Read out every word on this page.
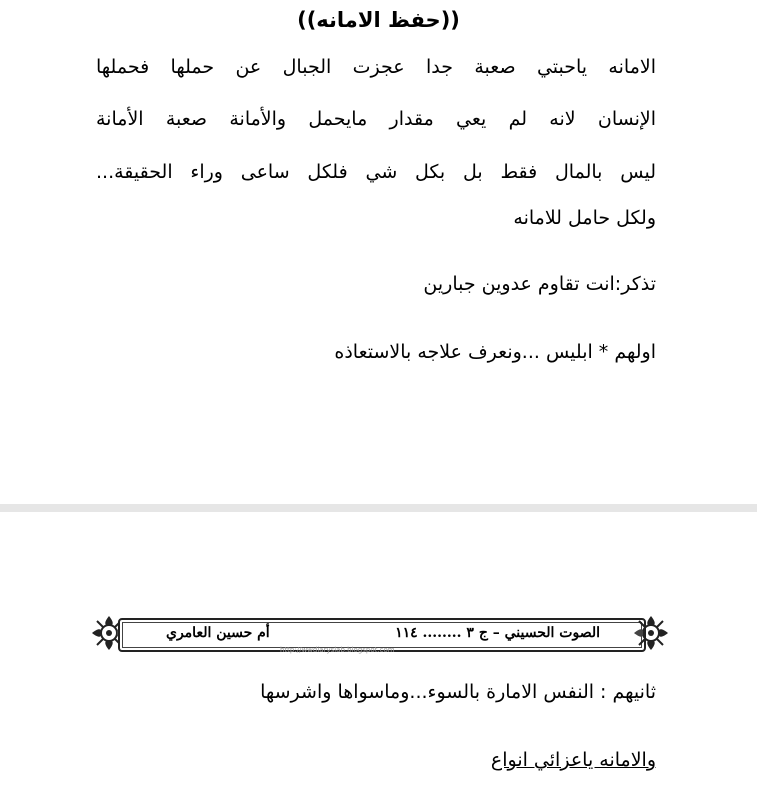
((حفظ الامانه))
الامانه ياحبتي صعبة جدا عجزت الجبال عن حملها فحملها
الإنسان لانه لم يعي مقدار مايحمل والأمانة صعبة الأمانة
ليس بالمال فقط بل بكل شي فلكل ساعى وراء الحقيقة...
ولكل حامل للامانه
تذكر:انت تقاوم عدوين جبارين
اولهم * ابليس ...ونعرف علاجه بالاستعاذه
الصوت الحسيني – ج ٣ ........ ١١٤
أم حسين العامري
http://wwdiaryslab.blogspot.com
ثانيهم : النفس الامارة بالسوء...وماسواها واشرسها
والامانه ياعزائي انواع
